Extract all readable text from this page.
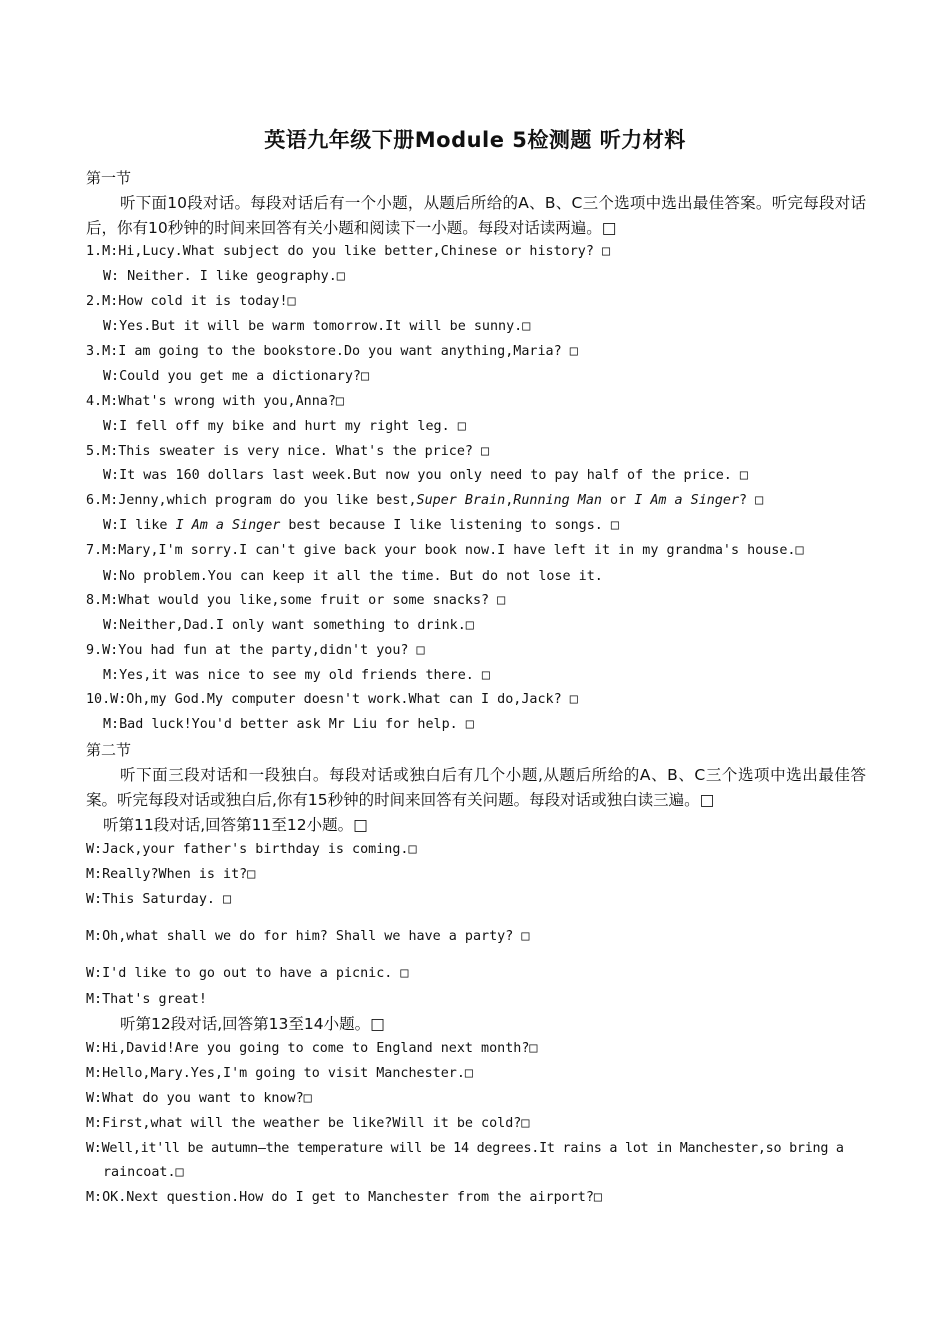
英语九年级下册Module 5检测题 听力材料
第一节
听下面10段对话。每段对话后有一个小题，从题后所给的A、B、C三个选项中选出最佳答案。听完每段对话后，你有10秒钟的时间来回答有关小题和阅读下一小题。每段对话读两遍。□
1.M:Hi,Lucy.What subject do you like better,Chinese or history? □
W: Neither. I like geography.□
2.M:How cold it is today!□
W:Yes.But it will be warm tomorrow.It will be sunny.□
3.M:I am going to the bookstore.Do you want anything,Maria? □
W:Could you get me a dictionary?□
4.M:What's wrong with you,Anna?□
W:I fell off my bike and hurt my right leg. □
5.M:This sweater is very nice. What's the price? □
W:It was 160 dollars last week.But now you only need to pay half of the price. □
6.M:Jenny,which program do you like best,Super Brain,Running Man or I Am a Singer? □
W:I like I Am a Singer best because I like listening to songs. □
7.M:Mary,I'm sorry.I can't give back your book now.I have left it in my grandma's house.□
W:No problem.You can keep it all the time. But do not lose it.
8.M:What would you like,some fruit or some snacks? □
W:Neither,Dad.I only want something to drink.□
9.W:You had fun at the party,didn't you? □
M:Yes,it was nice to see my old friends there. □
10.W:Oh,my God.My computer doesn't work.What can I do,Jack? □
M:Bad luck!You'd better ask Mr Liu for help. □
第二节
听下面三段对话和一段独白。每段对话或独白后有几个小题,从题后所给的A、B、C三个选项中选出最佳答案。听完每段对话或独白后,你有15秒钟的时间来回答有关问题。每段对话或独白读三遍。□
听第11段对话,回答第11至12小题。□
W:Jack,your father's birthday is coming.□
M:Really?When is it?□
W:This Saturday. □
M:Oh,what shall we do for him? Shall we have a party? □
W:I'd like to go out to have a picnic. □
M:That's great!
听第12段对话,回答第13至14小题。□
W:Hi,David!Are you going to come to England next month?□
M:Hello,Mary.Yes,I'm going to visit Manchester.□
W:What do you want to know?□
M:First,what will the weather be like?Will it be cold?□
W:Well,it'll be autumn—the temperature will be 14 degrees.It rains a lot in Manchester,so bring a
raincoat.□
M:OK.Next question.How do I get to Manchester from the airport?□
